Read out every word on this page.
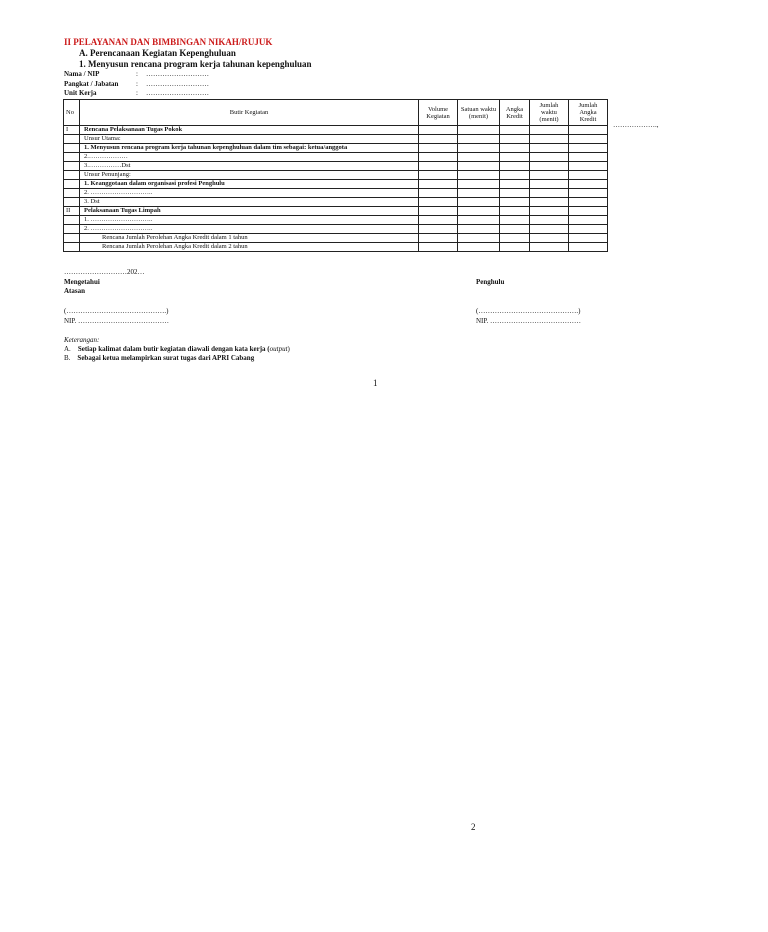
II PELAYANAN DAN BIMBINGAN NIKAH/RUJUK
A. Perencanaan Kegiatan Kepenghuluan
1. Menyusun rencana program kerja tahunan kepenghuluan
Nama / NIP	: ………………………
Pangkat / Jabatan	: ………………………
Unit Kerja	: ………………………
No	Butir Kegiatan	Volume Kegiatan	Satuan waktu (menit)	Angka Kredit	Jumlah waktu (menit)	Jumlah Angka Kredit
I	Rencana Pelaksanaan Tugas Pokok					
	Unsur Utama:					
	1. Menyusun rencana program kerja tahunan kepenghuluan dalam tim sebagai: ketua/anggota					
	2.………………					
	3.……………Dst					
	Unsur Penunjang:					
	1. Keanggotaan dalam organisasi profesi Penghulu					
	2. ………………………..					
	3. Dst					
II	Pelaksanaan Tugas Limpah					
	1. ………………………..					
	2. ………………………..					
	Rencana Jumlah Perolehan Angka Kredit dalam 1 tahun					
	Rencana Jumlah Perolehan Angka Kredit dalam 2 tahun					
……………….,
………………………202…
Mengetahui
Atasan
(…………………………………….)
NIP. …………………………………
Penghulu
(…………………………………….)
NIP. …………………………………
Keterangan:
A. Setiap kalimat dalam butir kegiatan diawali dengan kata kerja (output)
B. Sebagai ketua melampirkan surat tugas dari APRI Cabang
1
2
